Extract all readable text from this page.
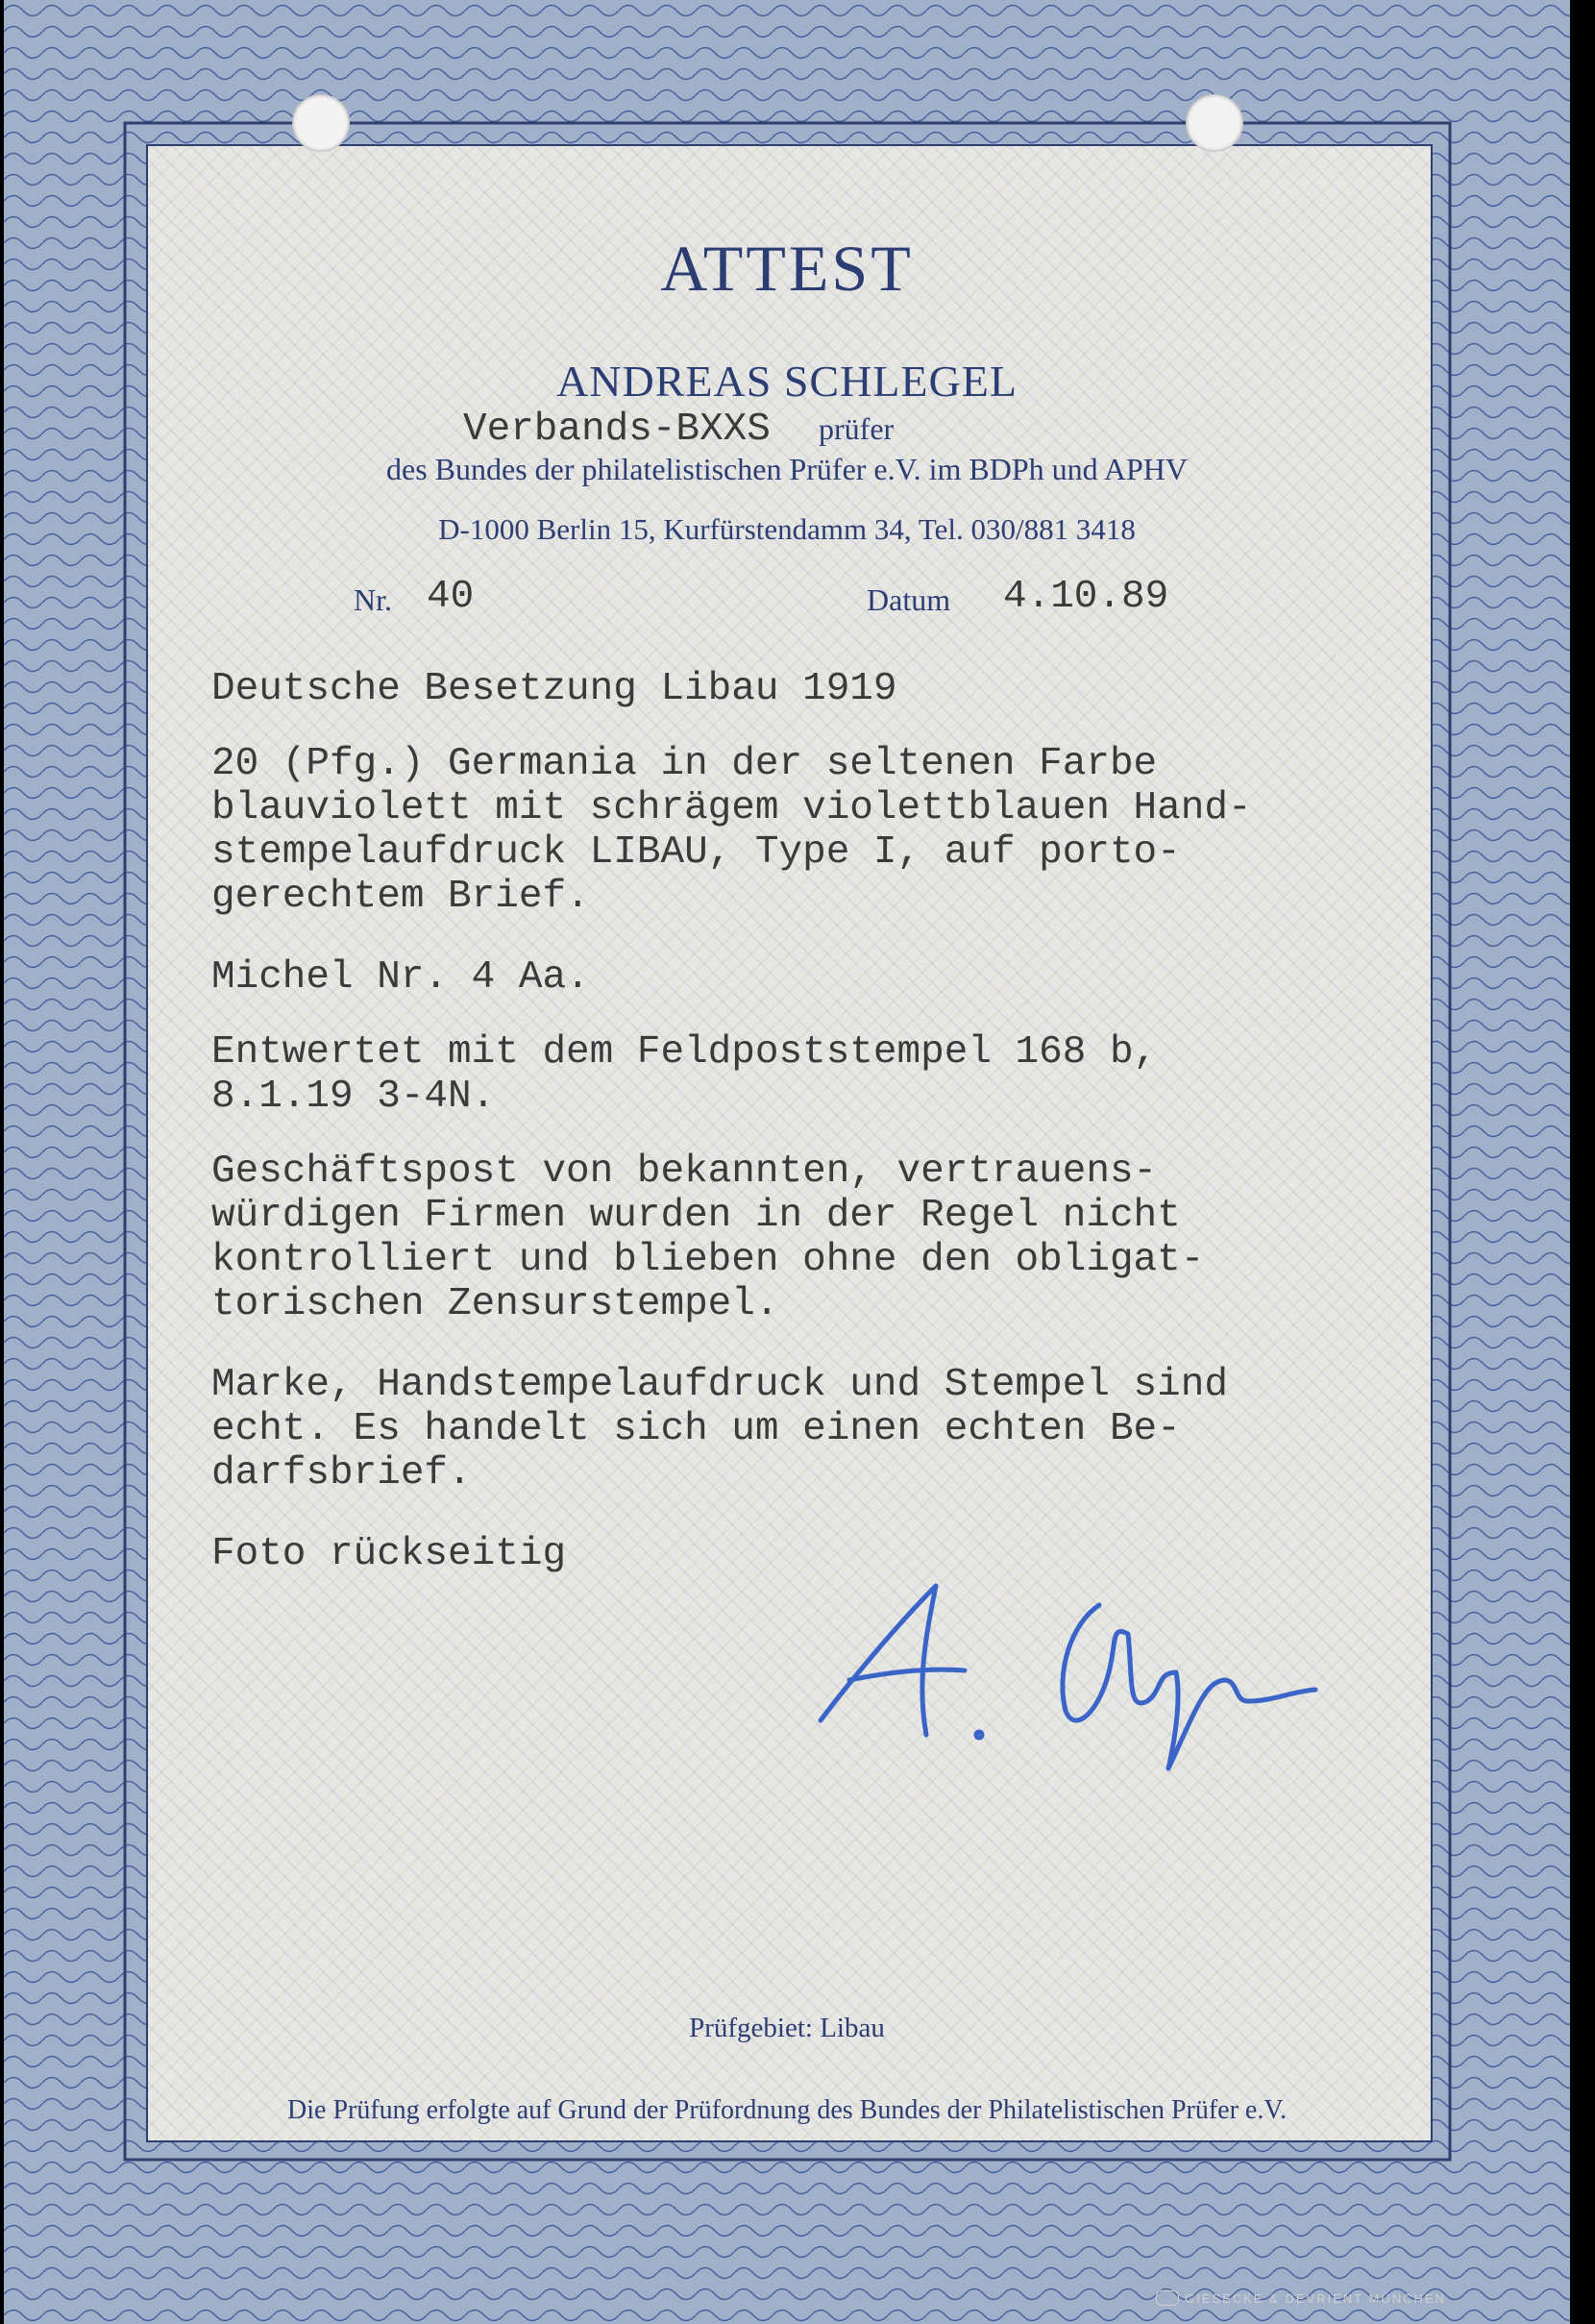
ATTEST
ANDREAS SCHLEGEL
Verbands-BXXS prüfer
des Bundes der philatelistischen Prüfer e.V. im BDPh und APHV
D-1000 Berlin 15, Kurfürstendamm 34, Tel. 030/881 3418
Nr. 40	Datum 4.10.89
Deutsche Besetzung Libau 1919
20 (Pfg.) Germania in der seltenen Farbe
blauviolett mit schrägem violettblauen Hand-
stempelaufdruck LIBAU, Type I, auf porto-
gerechtem Brief.
Michel Nr. 4 Aa.
Entwertet mit dem Feldpoststempel 168 b,
8.1.19 3-4N.
Geschäftspost von bekannten, vertrauens-
würdigen Firmen wurden in der Regel nicht
kontrolliert und blieben ohne den obligat-
torischen Zensurstempel.
Marke, Handstempelaufdruck und Stempel sind
echt. Es handelt sich um einen echten Be-
darfsbrief.
Foto rückseitig
Prüfgebiet: Libau
Die Prüfung erfolgte auf Grund der Prüfordnung des Bundes der Philatelistischen Prüfer e.V.
GIESECKE & DEVRIENT MÜNCHEN
